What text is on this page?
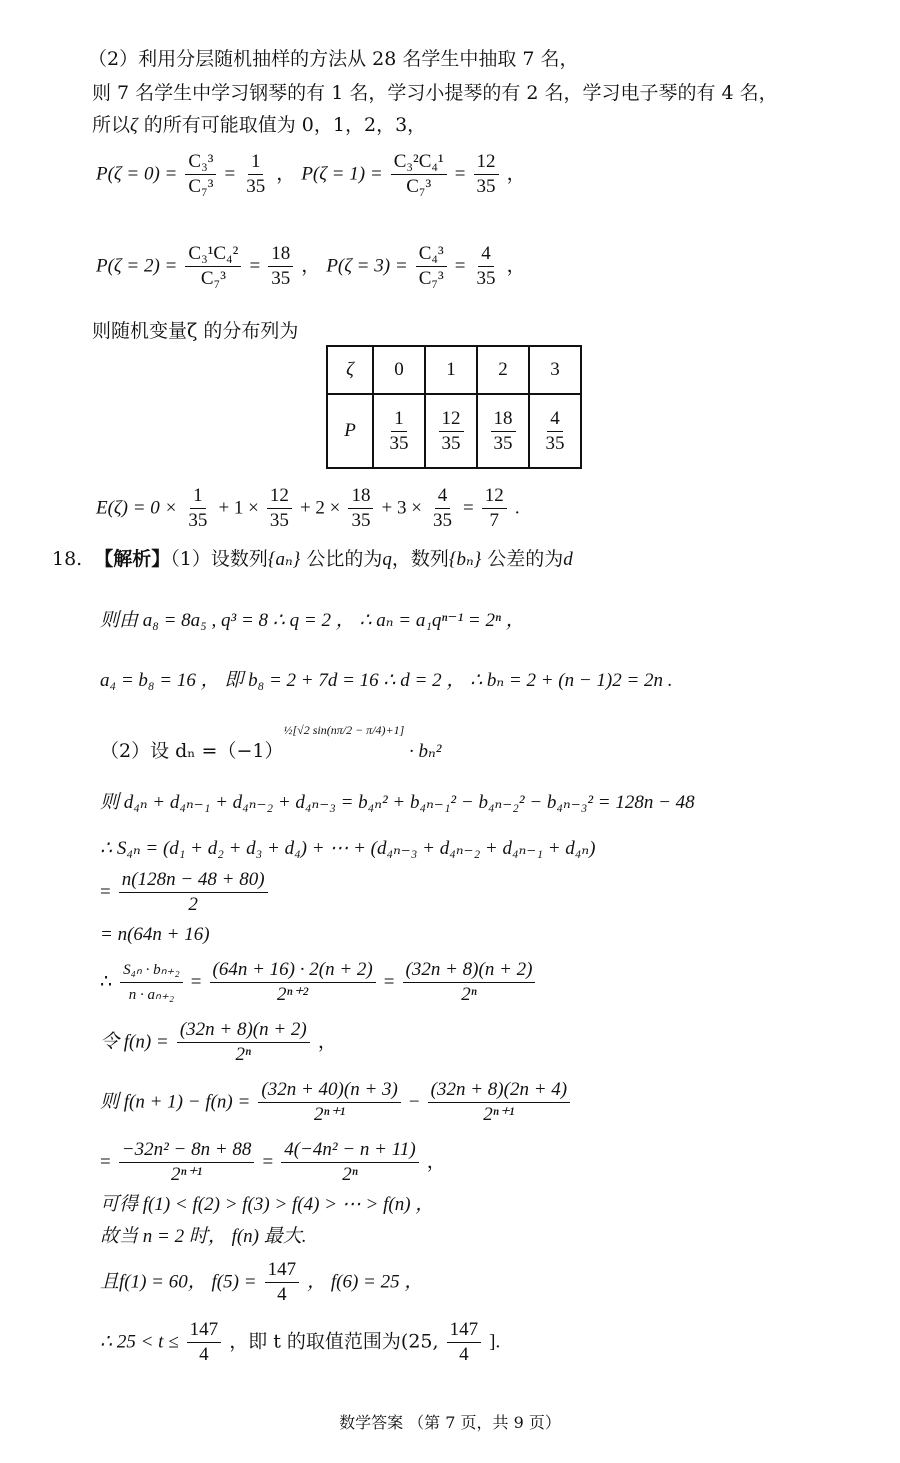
（2）利用分层随机抽样的方法从 28 名学生中抽取 7 名，
则 7 名学生中学习钢琴的有 1 名，学习小提琴的有 2 名，学习电子琴的有 4 名，
所以ζ 的所有可能取值为 0，1，2，3，
$P(\zeta = 0) = \frac{\text{C₃³}}{\text{C₇³}} = \frac{1}{35}$ ， $P(\zeta = 1) = \frac{\text{C₃²C₄¹}}{\text{C₇³}} = \frac{12}{35}$ ，
$P(\zeta = 2) = \frac{\text{C₃¹C₄²}}{\text{C₇³}} = \frac{18}{35}$ ， $P(\zeta = 3) = \frac{\text{C₄³}}{\text{C₇³}} = \frac{4}{35}$ ，
则随机变量ζ 的分布列为
ζ	0	1	2	3
P	$\frac{1}{35}$	$\frac{12}{35}$	$\frac{18}{35}$	$\frac{4}{35}$
$E(\zeta) = 0 \times \frac{1}{35} + 1 \times \frac{12}{35} + 2 \times \frac{18}{35} + 3 \times \frac{4}{35} = \frac{12}{7}$ .
18. 【解析】（1）设数列{aₙ} 公比的为q，数列{bₙ} 公差的为d
则由 a₈ = 8a₅ , q³ = 8 ∴ q = 2 ， ∴ aₙ = a₁qⁿ⁻¹ = 2ⁿ ，
a₄ = b₈ = 16 ， 即 b₈ = 2 + 7d = 16 ∴ d = 2 ， ∴ bₙ = 2 + (n − 1)2 = 2n .
（2）设 $d_n =(-1)^{\frac{1}{2}[√2 sin(n\pi/2 - \pi/4)+1]} \cdot b_n^2$
则 d₄ₙ + d₄ₙ₋₁ + d₄ₙ₋₂ + d₄ₙ₋₃ = b₄ₙ² + b₄ₙ₋₁² − b₄ₙ₋₂² − b₄ₙ₋₃² = 128n − 48
∴ S₄ₙ = (d₁ + d₂ + d₃ + d₄) + ⋯ + (d₄ₙ₋₃ + d₄ₙ₋₂ + d₄ₙ₋₁ + d₄ₙ)
= $\frac{n(128n - 48 + 80)}{2}$
= n(64n + 16)
∴ $\frac{\text{S₄ₙ · bₙ₊₂}}{\text{n · aₙ₊₂}} = \frac{(64n + 16) \cdot 2(n + 2)}{\text{2ⁿ⁺²}} = \frac{(32n + 8)(n + 2)}{\text{2ⁿ}}$
令 $f(n) = \frac{(32n + 8)(n + 2)}{\text{2ⁿ}}$ ，
则 $f(n + 1) - f(n) = \frac{(32n + 40)(n + 3)}{\text{2ⁿ⁺¹}} - \frac{(32n + 8)(2n + 4)}{\text{2ⁿ⁺¹}}$
= $\frac{\text{−32n² − 8n + 88}}{\text{2ⁿ⁺¹}} = \frac{\text{4(−4n² − n + 11)}}{\text{2ⁿ}}$ ，
可得 f(1) < f(2) > f(3) > f(4) > ⋯ > f(n) ，
故当 n = 2 时， f(n) 最大.
且f(1) = 60， $f(5) = \frac{147}{4}$ ， f(6) = 25 ，
∴ $25 < t \le \frac{147}{4}$ ，即 t 的取值范围为(25, $\frac{147}{4}$ ].
数学答案 （第 7 页，共 9 页）
